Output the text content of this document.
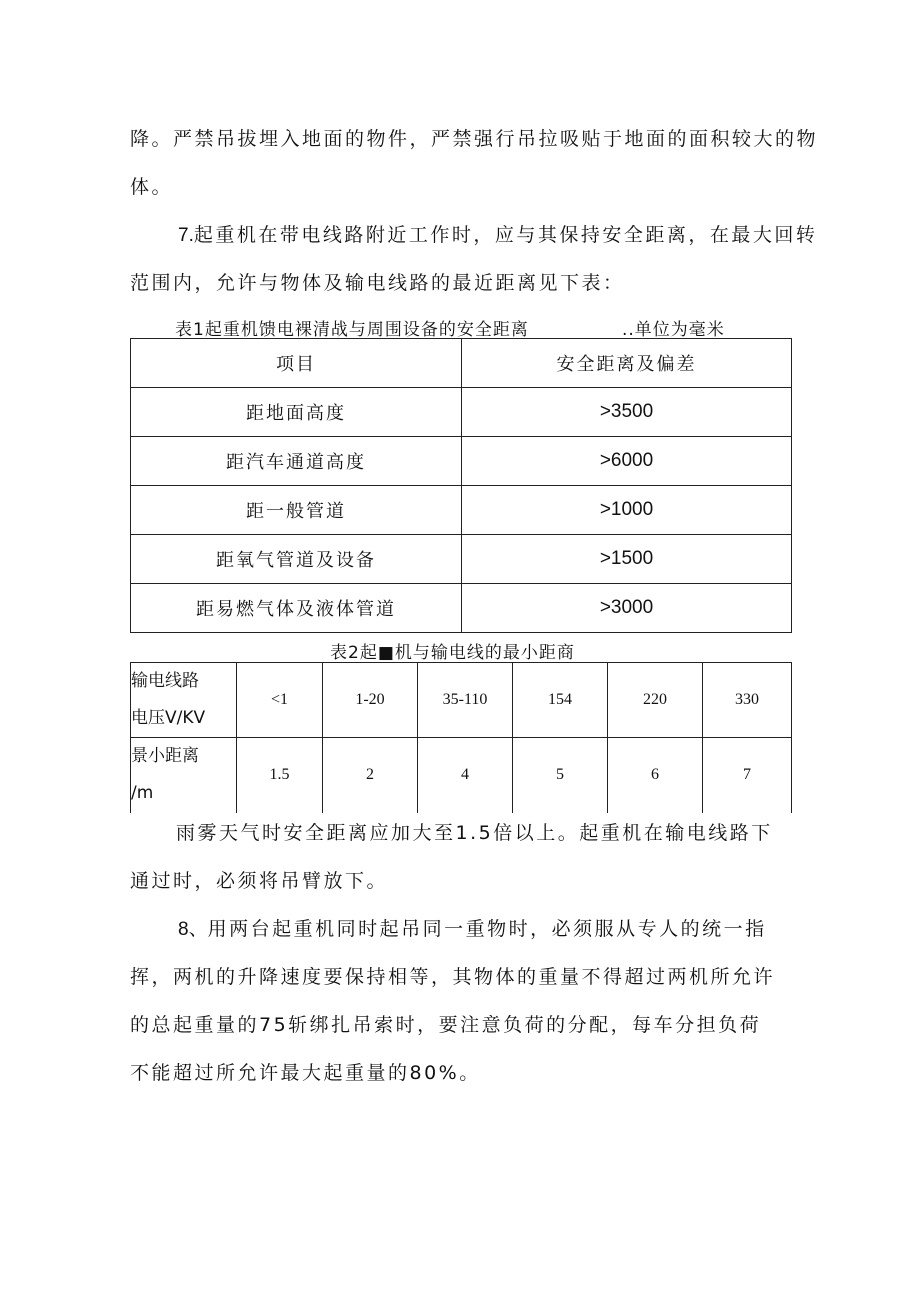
降。严禁吊拔埋入地面的物件，严禁强行吊拉吸贴于地面的面积较大的物
体。
7.起重机在带电线路附近工作时，应与其保持安全距离，在最大回转
范围内，允许与物体及输电线路的最近距离见下表：
表1起重机馈电裸清战与周围设备的安全距离	..单位为毫米
项目	安全距离及偏差
距地面高度	>3500
距汽车通道高度	>6000
距一般管道	>1000
距氧气管道及设备	>1500
距易燃气体及液体管道	>3000
表2起■机与输电线的最小距商
输电线路
电压V/KV	<1	1-20	35-110	154	220	330

景小距离
/m	1.5	2	4	5	6	7
雨雾天气时安全距离应加大至1.5倍以上。起重机在输电线路下
通过时，必须将吊臂放下。
8、用两台起重机同时起吊同一重物时，必须服从专人的统一指
挥，两机的升降速度要保持相等，其物体的重量不得超过两机所允许
的总起重量的75斩绑扎吊索时，要注意负荷的分配，每车分担负荷
不能超过所允许最大起重量的80%。
